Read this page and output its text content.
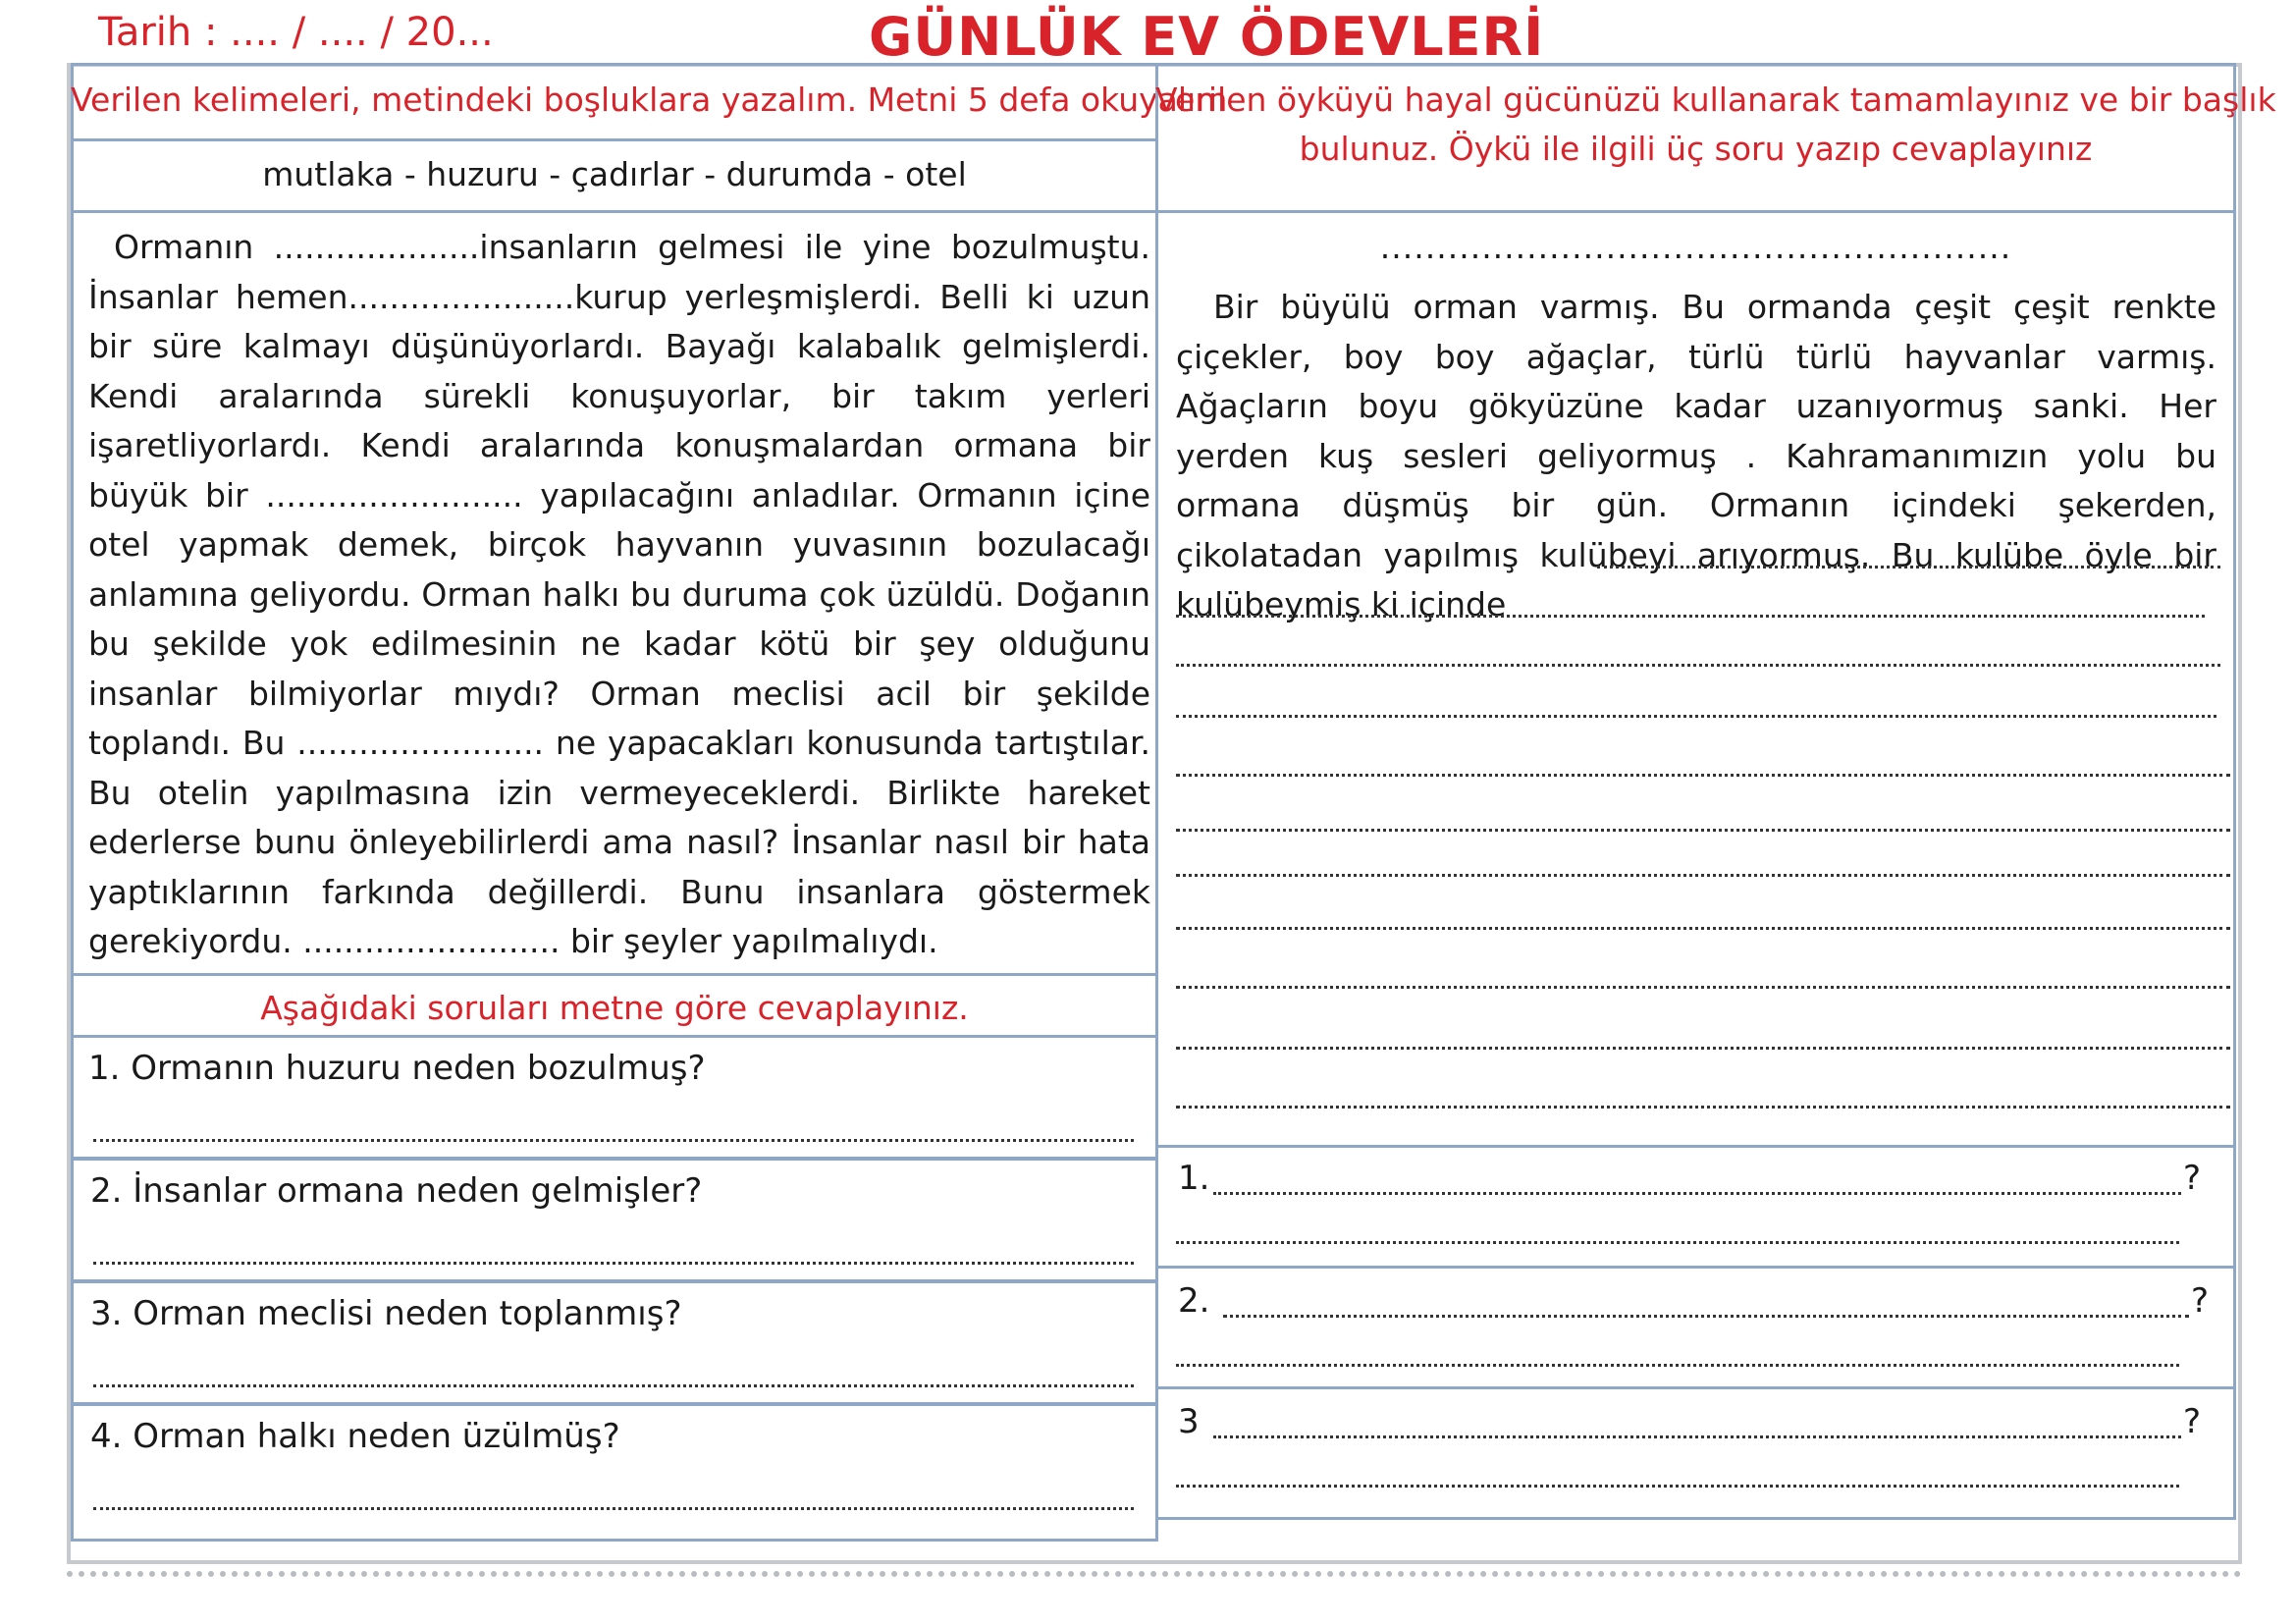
Tarih : .... / .... / 20...	GÜNLÜK EV ÖDEVLERİ
Verilen kelimeleri, metindeki boşluklara yazalım. Metni 5 defa okuyalım
mutlaka - huzuru - çadırlar - durumda - otel
Ormanın ....................insanların gelmesi ile yine bozulmuştu. İnsanlar hemen......................kurup yerleşmişlerdi. Belli ki uzun bir süre kalmayı düşünüyorlardı. Bayağı kalabalık gelmişlerdi. Kendi aralarında sürekli konuşuyorlar, bir takım yerleri işaretliyorlardı. Kendi aralarında konuşmalardan ormana bir büyük bir ......................... yapılacağını anladılar. Ormanın içine otel yapmak demek, birçok hayvanın yuvasının bozulacağı anlamına geliyordu. Orman halkı bu duruma çok üzüldü. Doğanın bu şekilde yok edilmesinin ne kadar kötü bir şey olduğunu insanlar bilmiyorlar mıydı? Orman meclisi acil bir şekilde toplandı. Bu ........................ ne yapacakları konusunda tartıştılar. Bu otelin yapılmasına izin vermeyeceklerdi. Birlikte hareket ederlerse bunu önleyebilirlerdi ama nasıl? İnsanlar nasıl bir hata yaptıklarının farkında değillerdi. Bunu insanlara göstermek gerekiyordu. ......................... bir şeyler yapılmalıydı.
Aşağıdaki soruları metne göre cevaplayınız.
1. Ormanın huzuru neden bozulmuş?
2. İnsanlar ormana neden gelmişler?
3. Orman meclisi neden toplanmış?
4. Orman halkı neden üzülmüş?
Verilen öyküyü hayal gücünüzü kullanarak tamamlayınız ve bir başlık
bulunuz. Öykü ile ilgili üç soru yazıp cevaplayınız
........................................................
Bir büyülü orman varmış. Bu ormanda çeşit çeşit renkte çiçekler, boy boy ağaçlar, türlü türlü hayvanlar varmış. Ağaçların boyu gökyüzüne kadar uzanıyormuş sanki. Her yerden kuş sesleri geliyormuş . Kahramanımızın yolu bu ormana düşmüş bir gün. Ormanın içindeki şekerden, çikolatadan yapılmış kulübeyi arıyormuş. Bu kulübe öyle bir kulübeymiş ki içinde
1.	?
2.	?
3	?
